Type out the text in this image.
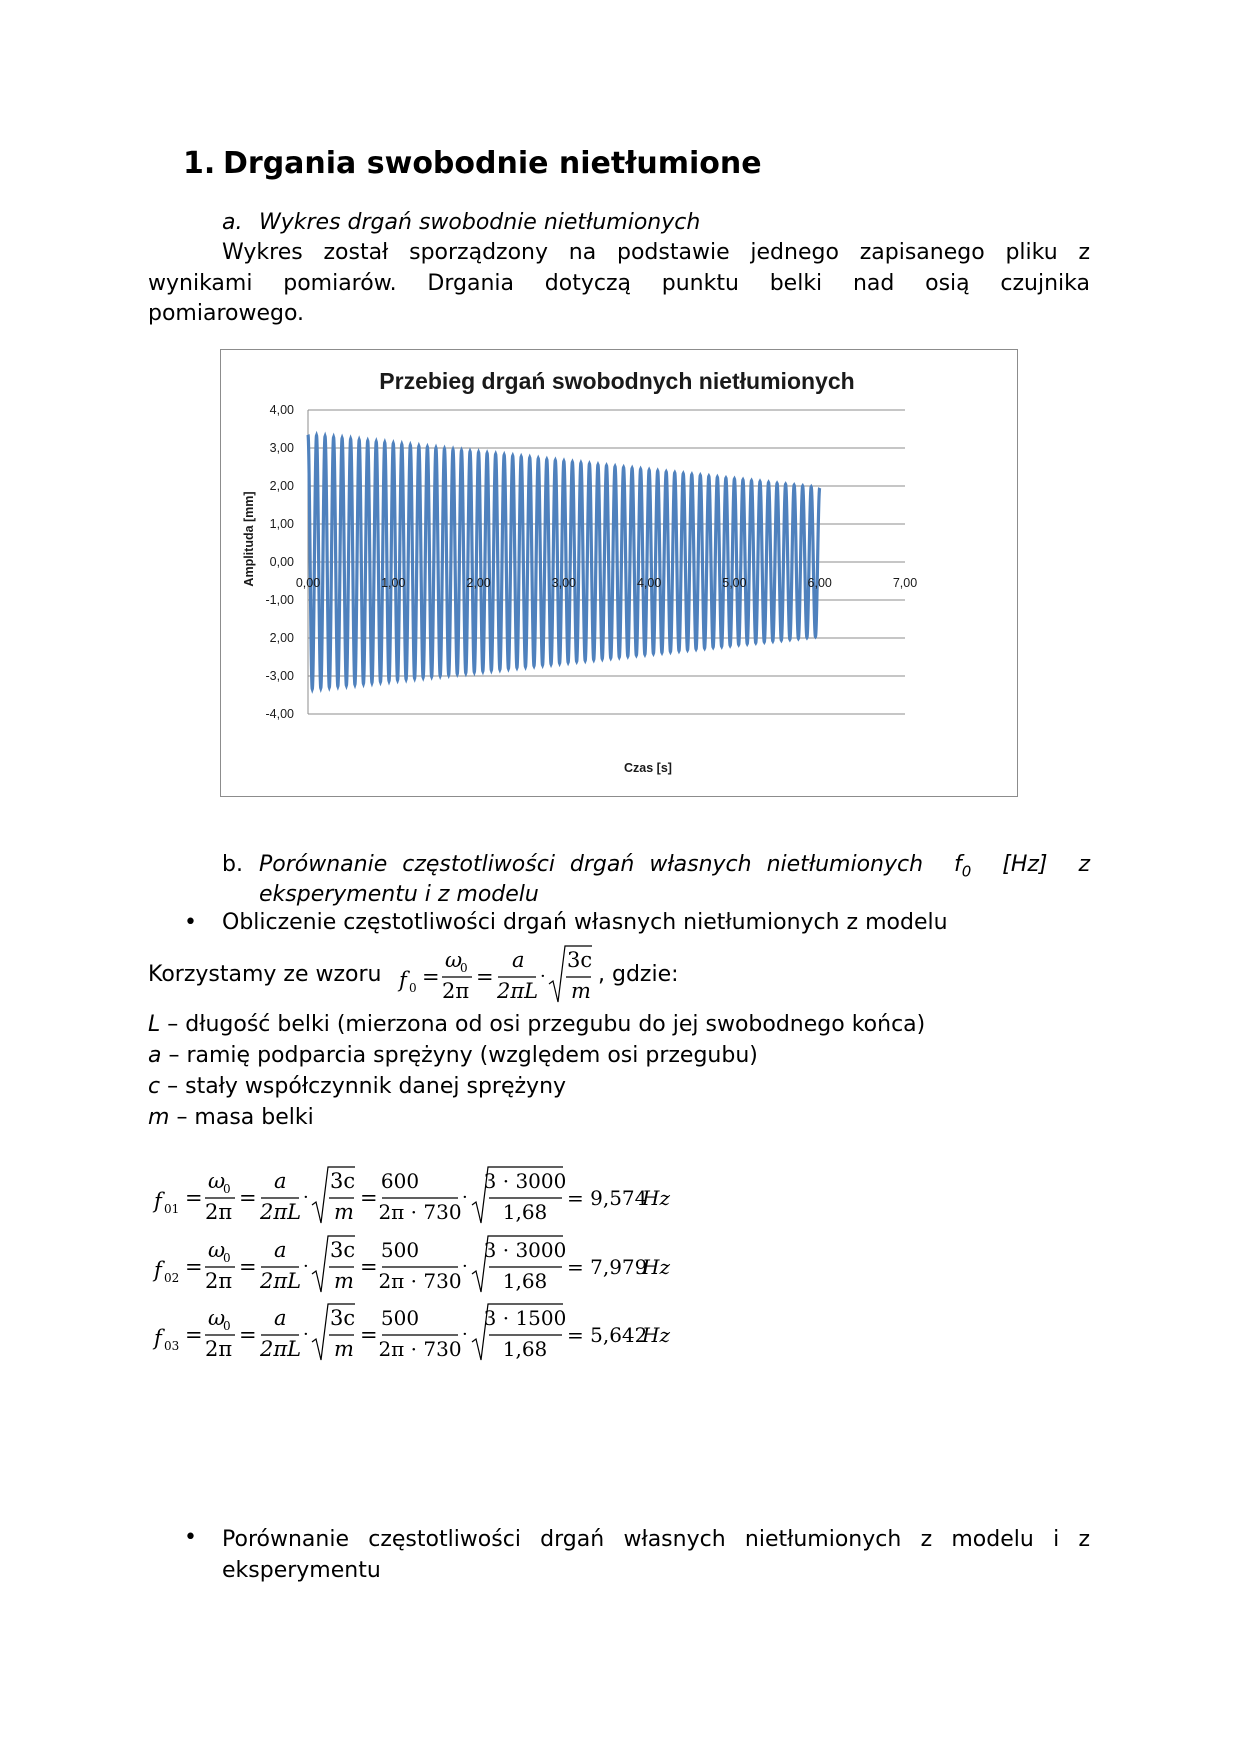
1. Drgania swobodnie nietłumione
a. Wykres drgań swobodnie nietłumionych
Wykres został sporządzony na podstawie jednego zapisanego pliku z
wynikami pomiarów. Drgania dotyczą punktu belki nad osią czujnika
pomiarowego.
Przebieg drgań swobodnych nietłumionych
4,00
3,00
2,00
1,00
0,00
-1,00
2,00
-3,00
-4,00
0,00	1,00	2,00	3,00	4,00	5,00	6,00	7,00
Czas [s]
Amplituda [mm]
b. Porównanie częstotliwości drgań własnych nietłumionych $f_0$ [Hz] z
eksperymentu i z modelu
• Obliczenie częstotliwości drgań własnych nietłumionych z modelu
Korzystamy ze wzoru f 0 =
ω
0
2π
=
a
2πL
·
3c
m
, gdzie:
L – długość belki (mierzona od osi przegubu do jej swobodnego końca)
a – ramię podparcia sprężyny (względem osi przegubu)
c – stały współczynnik danej sprężyny
m – masa belki
f 01 =
ω
0
2π
=
a
2πL
·
3c
m
=
600
2π · 730
·
3 · 3000
1,68
= 9,574
Hz
f 02 =
ω
0
2π
=
a
2πL
·
3c
m
=
500
2π · 730
·
3 · 3000
1,68
= 7,979
Hz
f 03 =
ω
0
2π
=
a
2πL
·
3c
m
=
500
2π · 730
·
3 · 1500
1,68
= 5,642
Hz
• Porównanie częstotliwości drgań własnych nietłumionych z modelu i z
eksperymentu
